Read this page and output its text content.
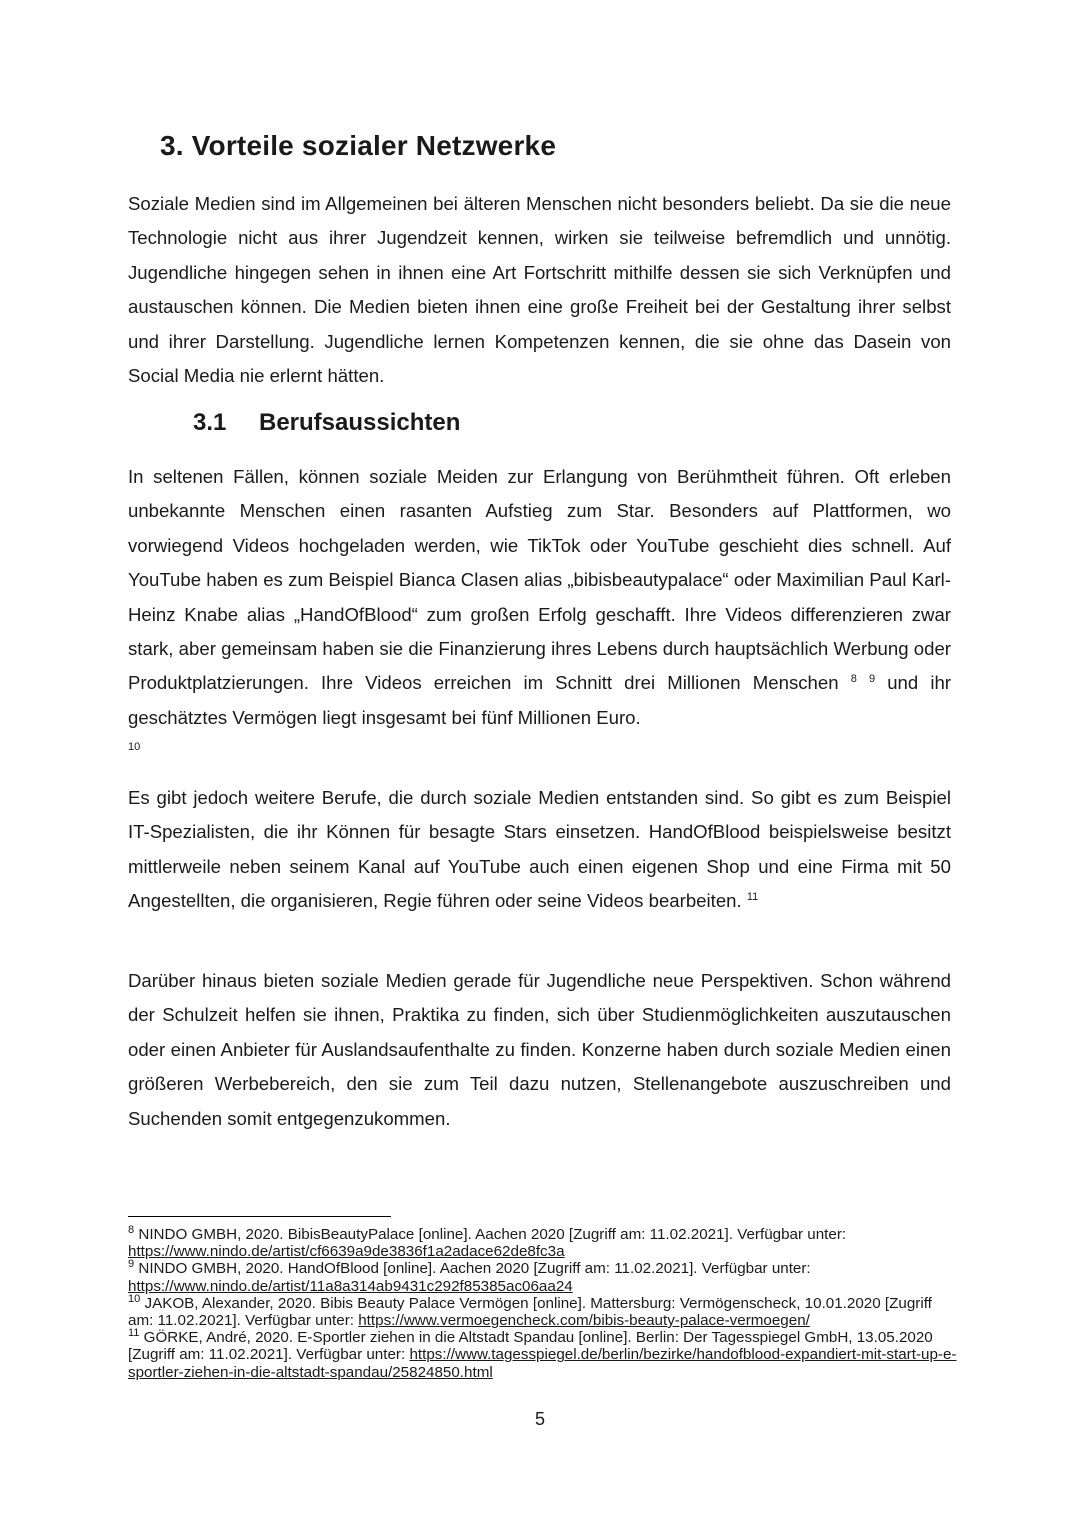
3. Vorteile sozialer Netzwerke

Soziale Medien sind im Allgemeinen bei älteren Menschen nicht besonders beliebt. Da sie die neue Technologie nicht aus ihrer Jugendzeit kennen, wirken sie teilweise befremdlich und unnötig. Jugendliche hingegen sehen in ihnen eine Art Fortschritt mithilfe dessen sie sich Verknüpfen und austauschen können. Die Medien bieten ihnen eine große Freiheit bei der Gestaltung ihrer selbst und ihrer Darstellung. Jugendliche lernen Kompetenzen kennen, die sie ohne das Dasein von Social Media nie erlernt hätten.

3.1 Berufsaussichten

In seltenen Fällen, können soziale Meiden zur Erlangung von Berühmtheit führen. Oft erleben unbekannte Menschen einen rasanten Aufstieg zum Star. Besonders auf Plattformen, wo vorwiegend Videos hochgeladen werden, wie TikTok oder YouTube geschieht dies schnell. Auf YouTube haben es zum Beispiel Bianca Clasen alias „bibisbeautypalace“ oder Maximilian Paul Karl-Heinz Knabe alias „HandOfBlood“ zum großen Erfolg geschafft. Ihre Videos differenzieren zwar stark, aber gemeinsam haben sie die Finanzierung ihres Lebens durch hauptsächlich Werbung oder Produktplatzierungen. Ihre Videos erreichen im Schnitt drei Millionen Menschen $^8$ $^9$ und ihr geschätztes Vermögen liegt insgesamt bei fünf Millionen Euro.

10

Es gibt jedoch weitere Berufe, die durch soziale Medien entstanden sind. So gibt es zum Beispiel IT-Spezialisten, die ihr Können für besagte Stars einsetzen. HandOfBlood beispielsweise besitzt mittlerweile neben seinem Kanal auf YouTube auch einen eigenen Shop und eine Firma mit 50 Angestellten, die organisieren, Regie führen oder seine Videos bearbeiten. $^{11}$

Darüber hinaus bieten soziale Medien gerade für Jugendliche neue Perspektiven. Schon während der Schulzeit helfen sie ihnen, Praktika zu finden, sich über Studienmöglichkeiten auszutauschen oder einen Anbieter für Auslandsaufenthalte zu finden. Konzerne haben durch soziale Medien einen größeren Werbebereich, den sie zum Teil dazu nutzen, Stellenangebote auszuschreiben und Suchenden somit entgegenzukommen.

$^8$ NINDO GMBH, 2020. BibisBeautyPalace [online]. Aachen 2020 [Zugriff am: 11.02.2021]. Verfügbar unter:
https://www.nindo.de/artist/cf6639a9de3836f1a2adace62de8fc3a

$^9$ NINDO GMBH, 2020. HandOfBlood [online]. Aachen 2020 [Zugriff am: 11.02.2021]. Verfügbar unter:
https://www.nindo.de/artist/11a8a314ab9431c292f85385ac06aa24

$^{10}$ JAKOB, Alexander, 2020. Bibis Beauty Palace Vermögen [online]. Mattersburg: Vermögenscheck, 10.01.2020 [Zugriff am: 11.02.2021]. Verfügbar unter: https://www.vermoegencheck.com/bibis-beauty-palace-vermoegen/

$^{11}$ GÖRKE, André, 2020. E-Sportler ziehen in die Altstadt Spandau [online]. Berlin: Der Tagesspiegel GmbH, 13.05.2020 [Zugriff am: 11.02.2021]. Verfügbar unter: https://www.tagesspiegel.de/berlin/bezirke/handofblood-expandiert-mit-start-up-e-sportler-ziehen-in-die-altstadt-spandau/25824850.html

5
